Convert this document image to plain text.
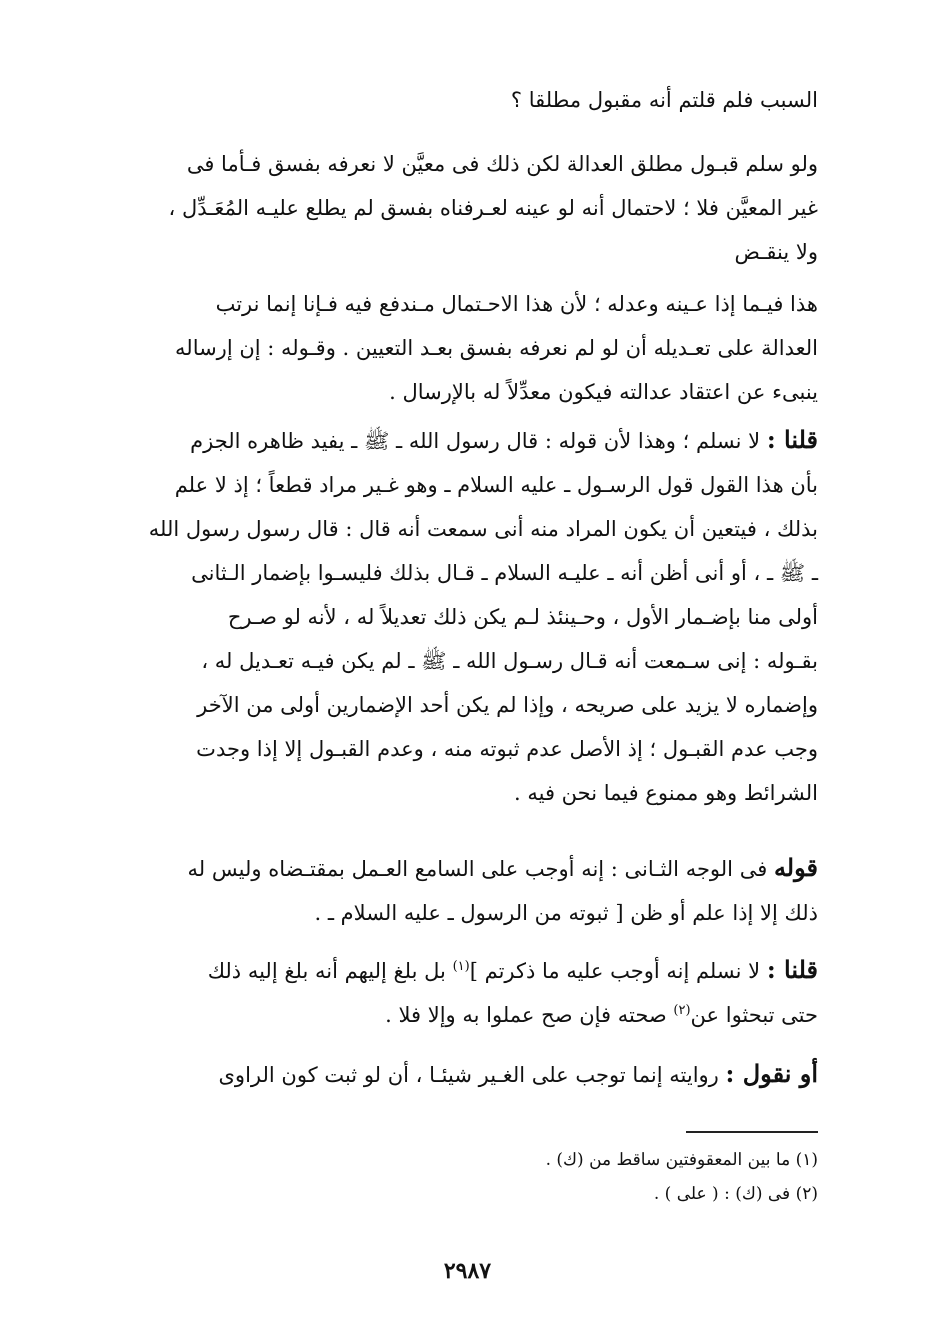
السبب فلم قلتم أنه مقبول مطلقا ؟
ولو سلم قبـول مطلق العدالة لكن ذلك فى معيَّن لا نعرفه بفسق فـأما فى
غير المعيَّن فلا ؛ لاحتمال أنه لو عينه لعـرفناه بفسق لم يطلع عليـه المُعَـدِّل ،
ولا ينقـض
هذا فيـما إذا عـينه وعدله ؛ لأن هذا الاحـتمال مـندفع فيه فـإنا إنما نرتب
العدالة على تعـديله أن لو لم نعرفه بفسق بعـد التعيين . وقـوله : إن إرساله
ينبىء عن اعتقاد عدالته فيكون معدِّلاً له بالإرسال .
قلنا : لا نسلم ؛ وهذا لأن قوله : قال رسول الله ـ ﷺ ـ يفيد ظاهره الجزم
بأن هذا القول قول الرسـول ـ عليه السلام ـ وهو غـير مراد قطعاً ؛ إذ لا علم
بذلك ، فيتعين أن يكون المراد منه أنى سمعت أنه قال : قال رسول رسول الله
ـ ﷺ ـ ، أو أنى أظن أنه ـ عليـه السلام ـ قـال بذلك فليسـوا بإضمار الـثانى
أولى منا بإضـمار الأول ، وحـينئذ لـم يكن ذلك تعديلاً له ، لأنه لو صـرح
بقـوله : إنى سـمعت أنه قـال رسـول الله ـ ﷺ ـ لم يكن فيـه تعـديل له ،
وإضماره لا يزيد على صريحه ، وإذا لم يكن أحد الإضمارين أولى من الآخر
وجب عدم القبـول ؛ إذ الأصل عدم ثبوته منه ، وعدم القبـول إلا إذا وجدت
الشرائط وهو ممنوع فيما نحن فيه .
قوله فى الوجه الثـانى : إنه أوجب على السامع العـمل بمقتـضاه وليس له
ذلك إلا إذا علم أو ظن [ ثبوته من الرسول ـ عليه السلام ـ .
قلنا : لا نسلم إنه أوجب عليه ما ذكرتم ]$^{(١)}$ بل بلغ إليهم أنه بلغ إليه ذلك
حتى تبحثوا عن$^{(٢)}$ صحته فإن صح عملوا به وإلا فلا .
أو نقول : روايته إنما توجب على الغـير شيئـا ، أن لو ثبت كون الراوى
(١) ما بين المعقوفتين ساقط من (ك) .
(٢) فى (ك) : ( على ) .
٢٩٨٧
